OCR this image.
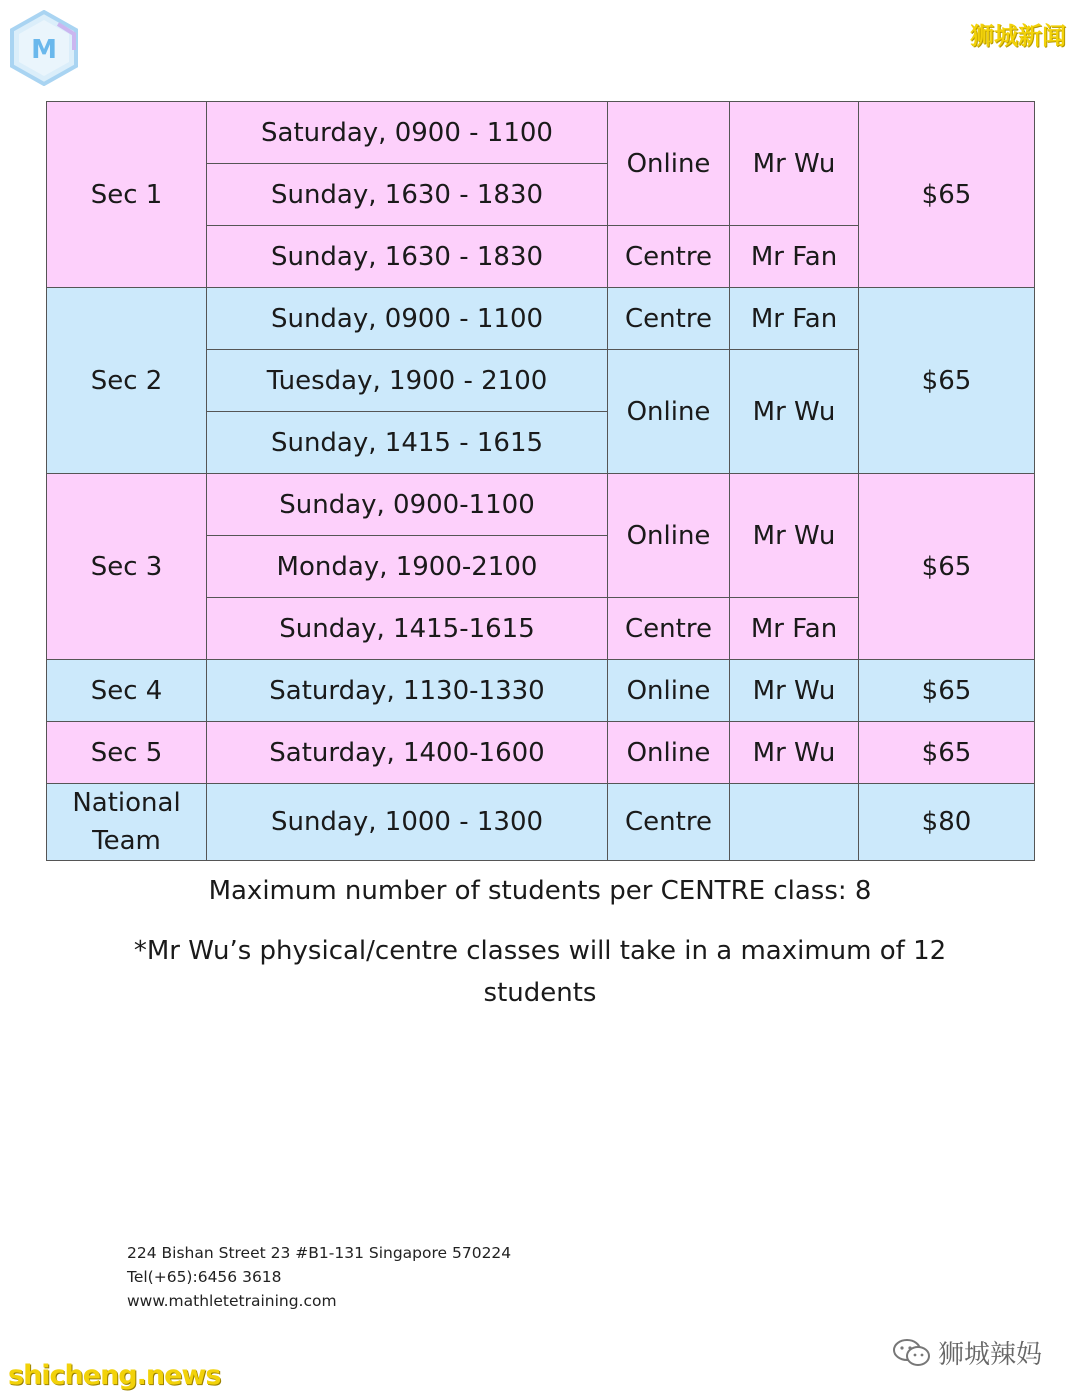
M	狮城新闻
Sec 1	Saturday, 0900 - 1100	Online	Mr Wu	$65
	Sunday, 1630 - 1830			
	Sunday, 1630 - 1830	Centre	Mr Fan	
Sec 2	Sunday, 0900 - 1100	Centre	Mr Fan	$65
	Tuesday, 1900 - 2100	Online	Mr Wu	
	Sunday, 1415 - 1615			
Sec 3	Sunday, 0900-1100	Online	Mr Wu	$65
	Monday, 1900-2100			
	Sunday, 1415-1615	Centre	Mr Fan	
Sec 4	Saturday, 1130-1330	Online	Mr Wu	$65
Sec 5	Saturday, 1400-1600	Online	Mr Wu	$65
National
Team	Sunday, 1000 - 1300	Centre		$80
Maximum number of students per CENTRE class: 8
*Mr Wu’s physical/centre classes will take in a maximum of 12 students
224 Bishan Street 23 #B1-131 Singapore 570224
Tel(+65):6456 3618
www.mathletetraining.com
狮城辣妈
shicheng.news
